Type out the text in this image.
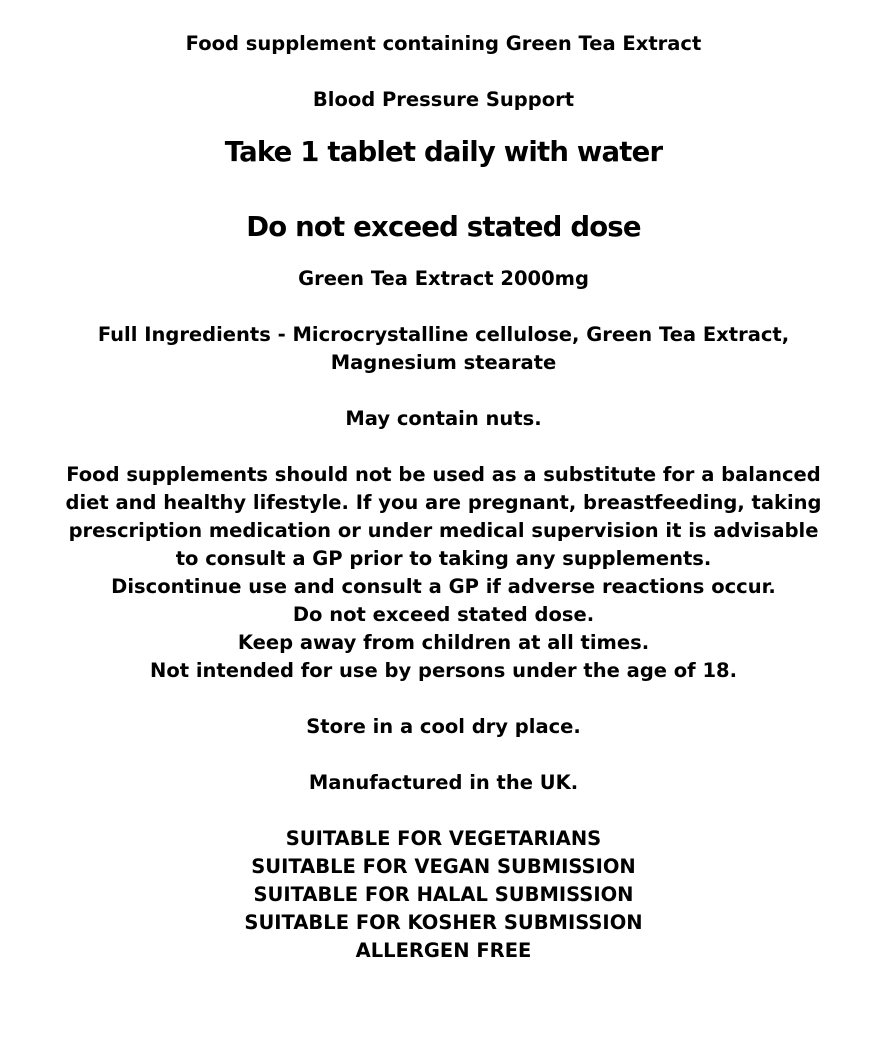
Food supplement containing Green Tea Extract
Blood Pressure Support
Take 1 tablet daily with water
Do not exceed stated dose
Green Tea Extract 2000mg
Full Ingredients - Microcrystalline cellulose, Green Tea Extract,
Magnesium stearate
May contain nuts.
Food supplements should not be used as a substitute for a balanced
diet and healthy lifestyle. If you are pregnant, breastfeeding, taking
prescription medication or under medical supervision it is advisable
to consult a GP prior to taking any supplements.
Discontinue use and consult a GP if adverse reactions occur.
Do not exceed stated dose.
Keep away from children at all times.
Not intended for use by persons under the age of 18.
Store in a cool dry place.
Manufactured in the UK.
SUITABLE FOR VEGETARIANS
SUITABLE FOR VEGAN SUBMISSION
SUITABLE FOR HALAL SUBMISSION
SUITABLE FOR KOSHER SUBMISSION
ALLERGEN FREE
